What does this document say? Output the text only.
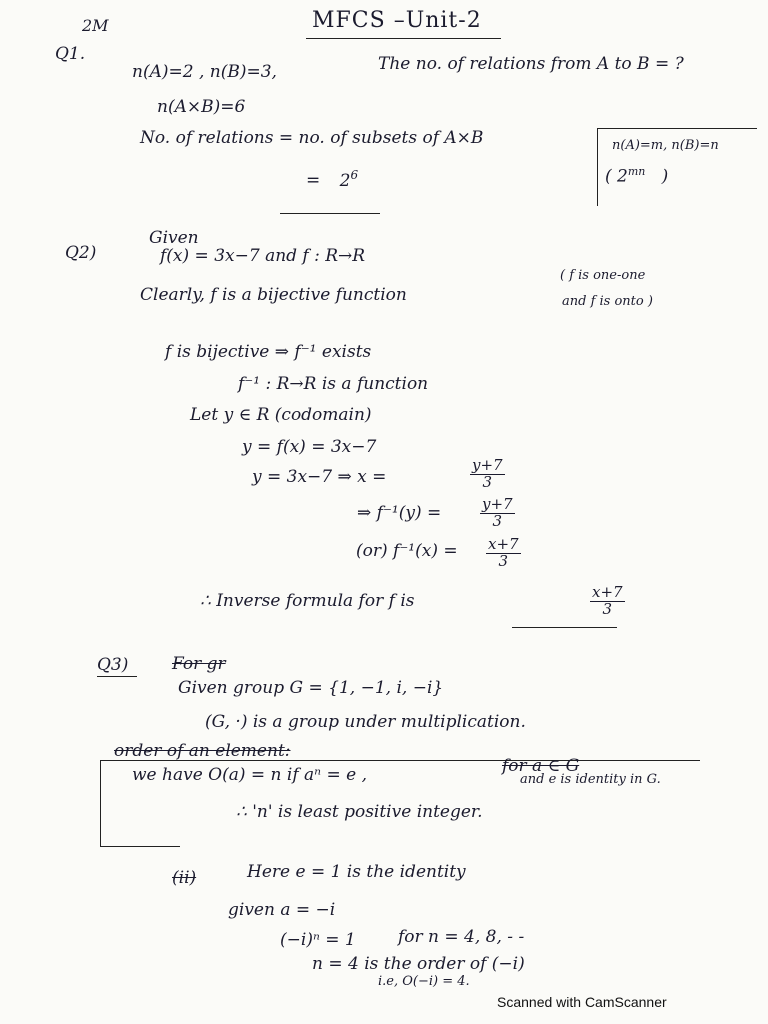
2M	MFCS –Unit-2
Q1.
n(A)=2 , n(B)=3,	The no. of relations from A to B = ?
n(A×B)=6
No. of relations = no. of subsets of A×B
= $2^6$
n(A)=m, n(B)=n
( $2^{mn}$   )
Q2)
Given
f(x) = 3x−7 and f : R→R
Clearly, f is a bijective function
( f is one-one
and f is onto )
f is bijective ⇒ f⁻¹ exists
f⁻¹ : R→R is a function
Let y ∈ R (codomain)
y = f(x) = 3x−7
y = 3x−7 ⇒ x =	$\frac{y+7}{3}$
⇒ f⁻¹(y) =	$\frac{y+7}{3}$
(or) $f^{-1}(x) = \frac{x+7}{3}$
∴ Inverse formula for f is	$\frac{x+7}{3}$
Q3)	For gr
Given group G = {1, −1, i, −i}
(G, ·) is a group under multiplication.
order of an element:
we have O(a) = n if aⁿ = e ,	for a ∈ G
and e is identity in G.
∴ 'n' is least positive integer.
(ii)	Here e = 1 is the identity
given a = −i
(−i)ⁿ = 1 for n = 4, 8, - -
n = 4 is the order of (−i)
i.e, O(−i) = 4.
Scanned with CamScanner
